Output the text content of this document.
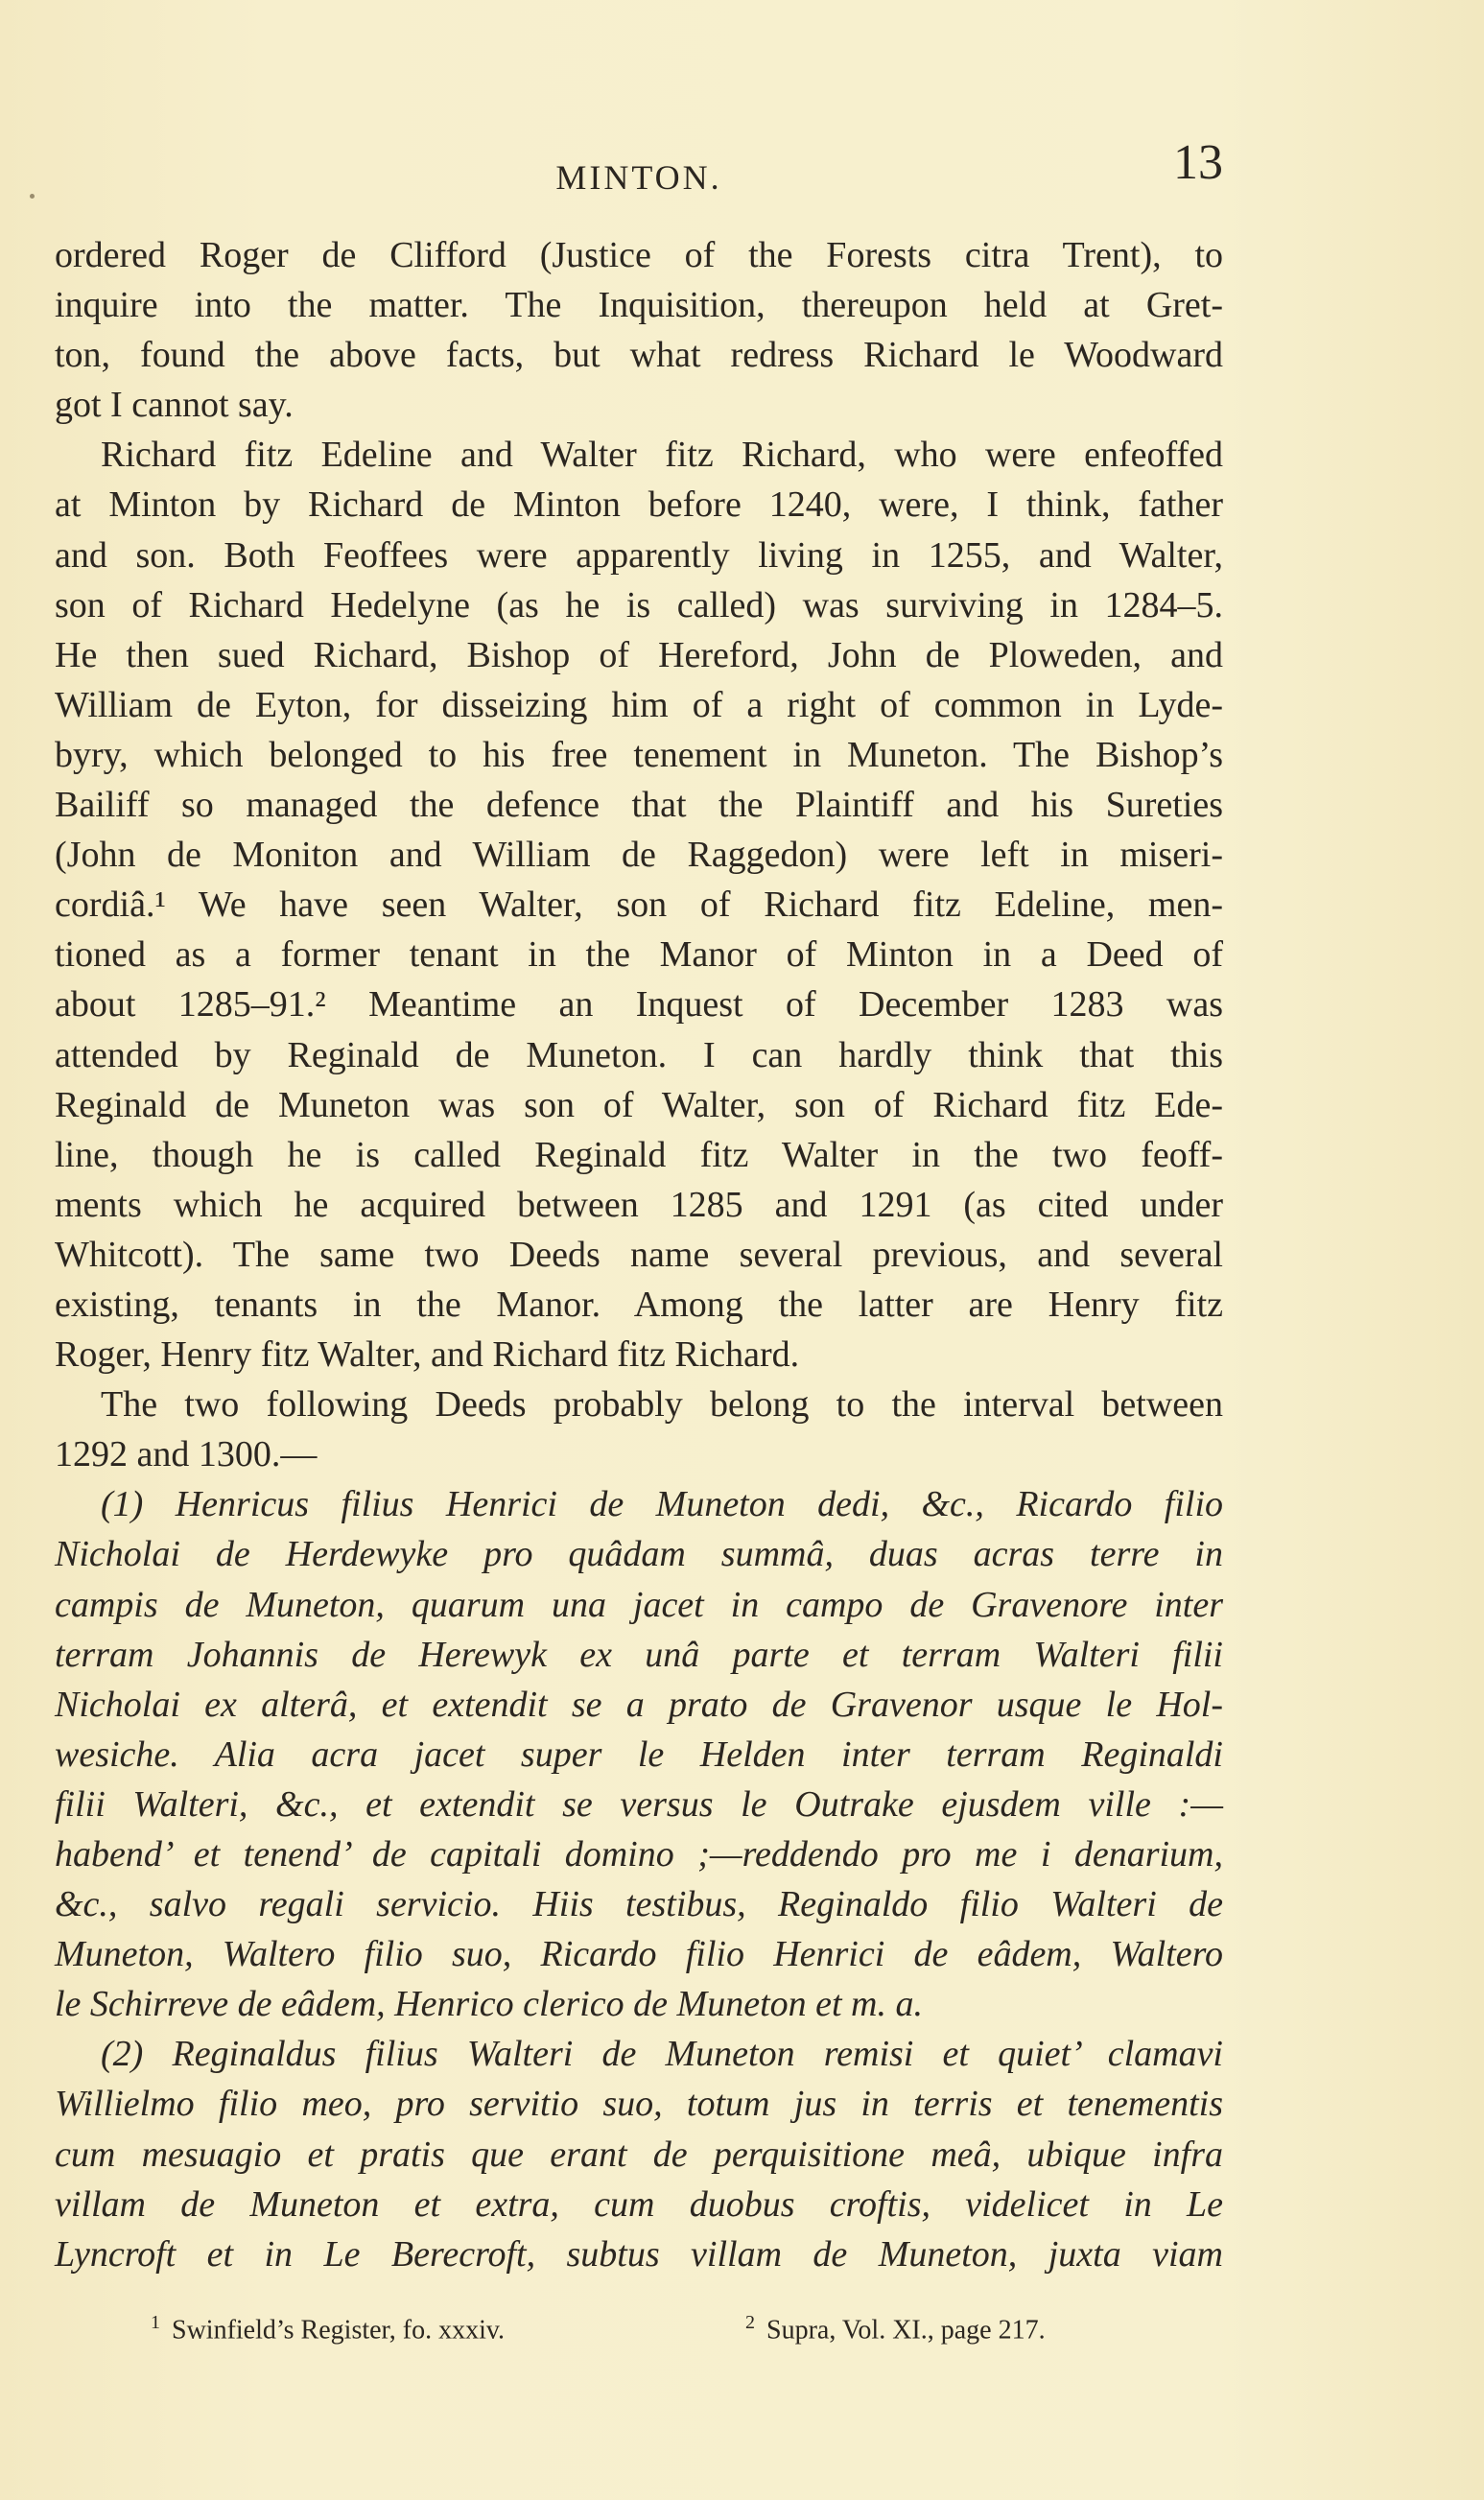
MINTON.	13
ordered Roger de Clifford (Justice of the Forests citra Trent), to
inquire into the matter. The Inquisition, thereupon held at Gret-
ton, found the above facts, but what redress Richard le Woodward
got I cannot say.
Richard fitz Edeline and Walter fitz Richard, who were enfeoffed
at Minton by Richard de Minton before 1240, were, I think, father
and son. Both Feoffees were apparently living in 1255, and Walter,
son of Richard Hedelyne (as he is called) was surviving in 1284–5.
He then sued Richard, Bishop of Hereford, John de Ploweden, and
William de Eyton, for disseizing him of a right of common in Lyde-
byry, which belonged to his free tenement in Muneton. The Bishop’s
Bailiff so managed the defence that the Plaintiff and his Sureties
(John de Moniton and William de Raggedon) were left in miseri-
cordiâ.¹ We have seen Walter, son of Richard fitz Edeline, men-
tioned as a former tenant in the Manor of Minton in a Deed of
about 1285–91.² Meantime an Inquest of December 1283 was
attended by Reginald de Muneton. I can hardly think that this
Reginald de Muneton was son of Walter, son of Richard fitz Ede-
line, though he is called Reginald fitz Walter in the two feoff-
ments which he acquired between 1285 and 1291 (as cited under
Whitcott). The same two Deeds name several previous, and several
existing, tenants in the Manor. Among the latter are Henry fitz
Roger, Henry fitz Walter, and Richard fitz Richard.
The two following Deeds probably belong to the interval between
1292 and 1300.—
(1) Henricus filius Henrici de Muneton dedi, &c., Ricardo filio
Nicholai de Herdewyke pro quâdam summâ, duas acras terre in
campis de Muneton, quarum una jacet in campo de Gravenore inter
terram Johannis de Herewyk ex unâ parte et terram Walteri filii
Nicholai ex alterâ, et extendit se a prato de Gravenor usque le Hol-
wesiche. Alia acra jacet super le Helden inter terram Reginaldi
filii Walteri, &c., et extendit se versus le Outrake ejusdem ville :—
habend’ et tenend’ de capitali domino ;—reddendo pro me i denarium,
&c., salvo regali servicio. Hiis testibus, Reginaldo filio Walteri de
Muneton, Waltero filio suo, Ricardo filio Henrici de eâdem, Waltero
le Schirreve de eâdem, Henrico clerico de Muneton et m. a.
(2) Reginaldus filius Walteri de Muneton remisi et quiet’ clamavi
Willielmo filio meo, pro servitio suo, totum jus in terris et tenementis
cum mesuagio et pratis que erant de perquisitione meâ, ubique infra
villam de Muneton et extra, cum duobus croftis, videlicet in Le
Lyncroft et in Le Berecroft, subtus villam de Muneton, juxta viam
$^1$ Swinfield’s Register, fo. xxxiv.	$^2$ Supra, Vol. XI., page 217.
